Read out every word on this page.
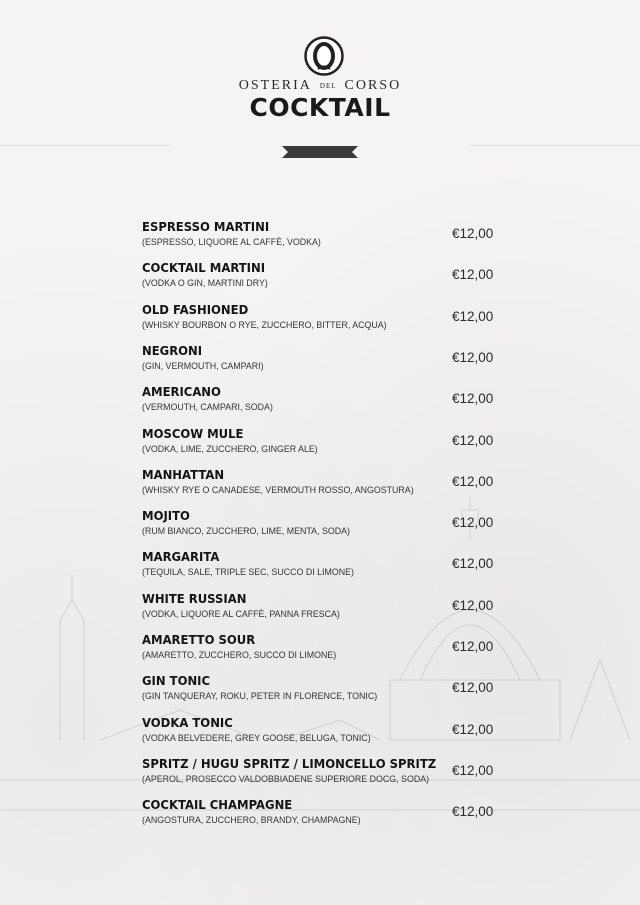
OSTERIA DEL CORSO
COCKTAIL
ESPRESSO MARTINI
(ESPRESSO, LIQUORE AL CAFFÈ, VODKA)
€12,00
COCKTAIL MARTINI
(VODKA O GIN, MARTINI DRY)
€12,00
OLD FASHIONED
(WHISKY BOURBON O RYE, ZUCCHERO, BITTER, ACQUA)
€12,00
NEGRONI
(GIN, VERMOUTH, CAMPARI)
€12,00
AMERICANO
(VERMOUTH, CAMPARI, SODA)
€12,00
MOSCOW MULE
(VODKA, LIME, ZUCCHERO, GINGER ALE)
€12,00
MANHATTAN
(WHISKY RYE O CANADESE, VERMOUTH ROSSO, ANGOSTURA)
€12,00
MOJITO
(RUM BIANCO, ZUCCHERO, LIME, MENTA, SODA)
€12,00
MARGARITA
(TEQUILA, SALE, TRIPLE SEC, SUCCO DI LIMONE)
€12,00
WHITE RUSSIAN
(VODKA, LIQUORE AL CAFFÈ, PANNA FRESCA)
€12,00
AMARETTO SOUR
(AMARETTO, ZUCCHERO, SUCCO DI LIMONE)
€12,00
GIN TONIC
(GIN TANQUERAY, ROKU, PETER IN FLORENCE, TONIC)
€12,00
VODKA TONIC
(VODKA BELVEDERE, GREY GOOSE, BELUGA, TONIC)
€12,00
SPRITZ / HUGU SPRITZ / LIMONCELLO SPRITZ
(APEROL, PROSECCO VALDOBBIADENE SUPERIORE DOCG, SODA)
€12,00
COCKTAIL CHAMPAGNE
(ANGOSTURA, ZUCCHERO, BRANDY, CHAMPAGNE)
€12,00
